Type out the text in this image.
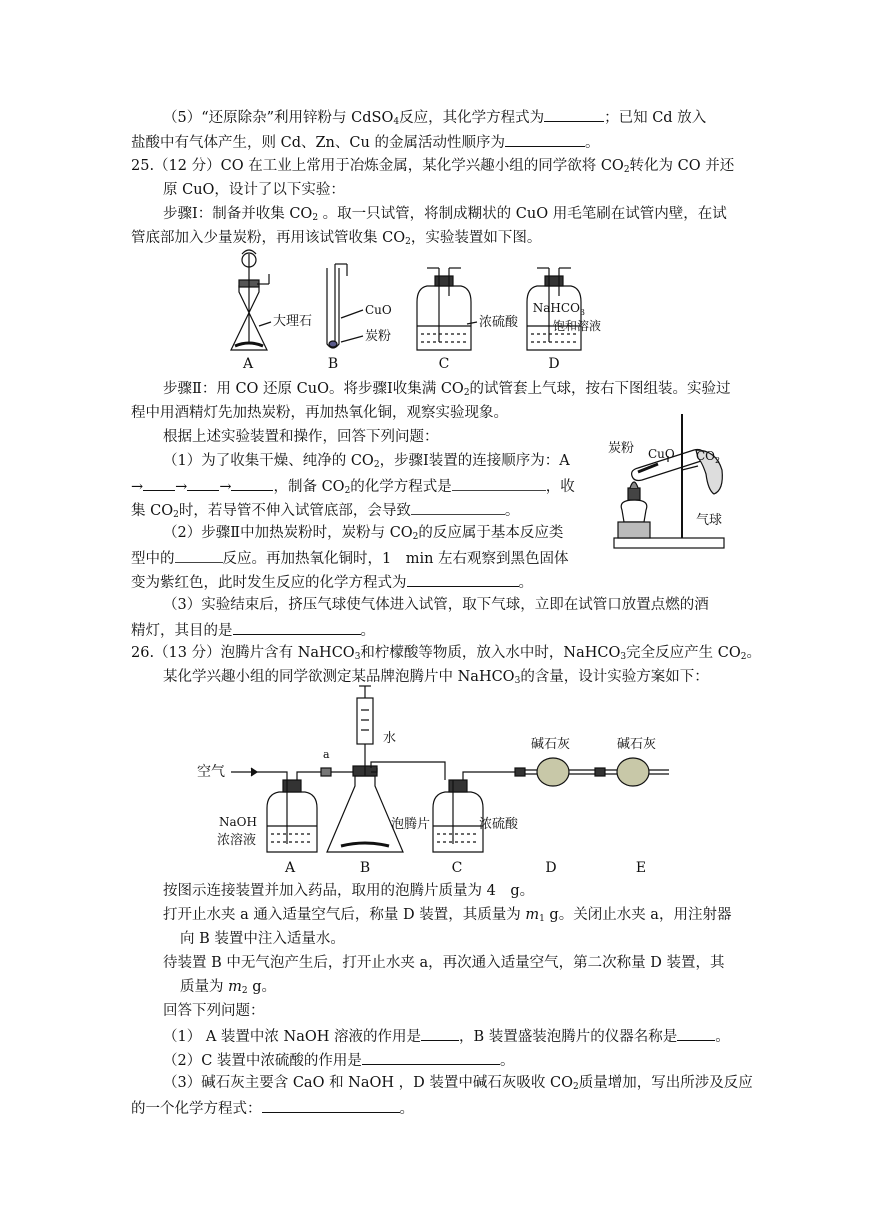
（5）“还原除杂”利用锌粉与 CdSO$_4$反应，其化学方程式为	；已知 Cd 放入
盐酸中有气体产生，则 Cd、Zn、Cu 的金属活动性顺序为	。
25.（12 分）CO 在工业上常用于冶炼金属，某化学兴趣小组的同学欲将 $CO_2$转化为 CO 并还
原 CuO，设计了以下实验：
步骤Ⅰ：制备并收集 $CO_2$ 。取一只试管，将制成糊状的 CuO 用毛笔刷在试管内壁，在试
管底部加入少量炭粉，再用该试管收集 $CO_2$，实验装置如下图。
大理石
CuO
炭粉
浓硫酸
NaHCO$_3$
饱和溶液
A	B	C	D
步骤Ⅱ：用 CO 还原 CuO。将步骤Ⅰ收集满 $CO_2$的试管套上气球，按右下图组装。实验过
程中用酒精灯先加热炭粉，再加热氧化铜，观察实验现象。
根据上述实验装置和操作，回答下列问题：
（1）为了收集干燥、纯净的 $CO_2$，步骤Ⅰ装置的连接顺序为：A
→ → →	，制备 $CO_2$的化学方程式是	，收
集 $CO_2$时，若导管不伸入试管底部，会导致	。
（2）步骤Ⅱ中加热炭粉时，炭粉与 $CO_2$的反应属于基本反应类
型中的	反应。再加热氧化铜时，1　min 左右观察到黑色固体
变为紫红色，此时发生反应的化学方程式为	。
炭粉 CuO $CO_2$
气球
（3）实验结束后，挤压气球使气体进入试管，取下气球，立即在试管口放置点燃的酒
精灯，其目的是	。
26.（13 分）泡腾片含有 NaHCO$_3$和柠檬酸等物质，放入水中时，NaHCO$_3$完全反应产生 $CO_2$。
某化学兴趣小组的同学欲测定某品牌泡腾片中 NaHCO$_3$的含量，设计实验方案如下：
空气
a
水	碱石灰	碱石灰
NaOH
浓溶液
泡腾片	浓硫酸
A	B	C	D	E
按图示连接装置并加入药品，取用的泡腾片质量为 4　g。
打开止水夹 a 通入适量空气后，称量 D 装置，其质量为 $m_1$ g。关闭止水夹 a，用注射器
向 B 装置中注入适量水。
待装置 B 中无气泡产生后，打开止水夹 a，再次通入适量空气，第二次称量 D 装置，其
质量为 $m_2$ g。
回答下列问题：
（1） A 装置中浓 NaOH 溶液的作用是	，B 装置盛装泡腾片的仪器名称是	。
（2）C 装置中浓硫酸的作用是	。
（3）碱石灰主要含 CaO 和 NaOH ，D 装置中碱石灰吸收 $CO_2$质量增加，写出所涉及反应
的一个化学方程式：	。
